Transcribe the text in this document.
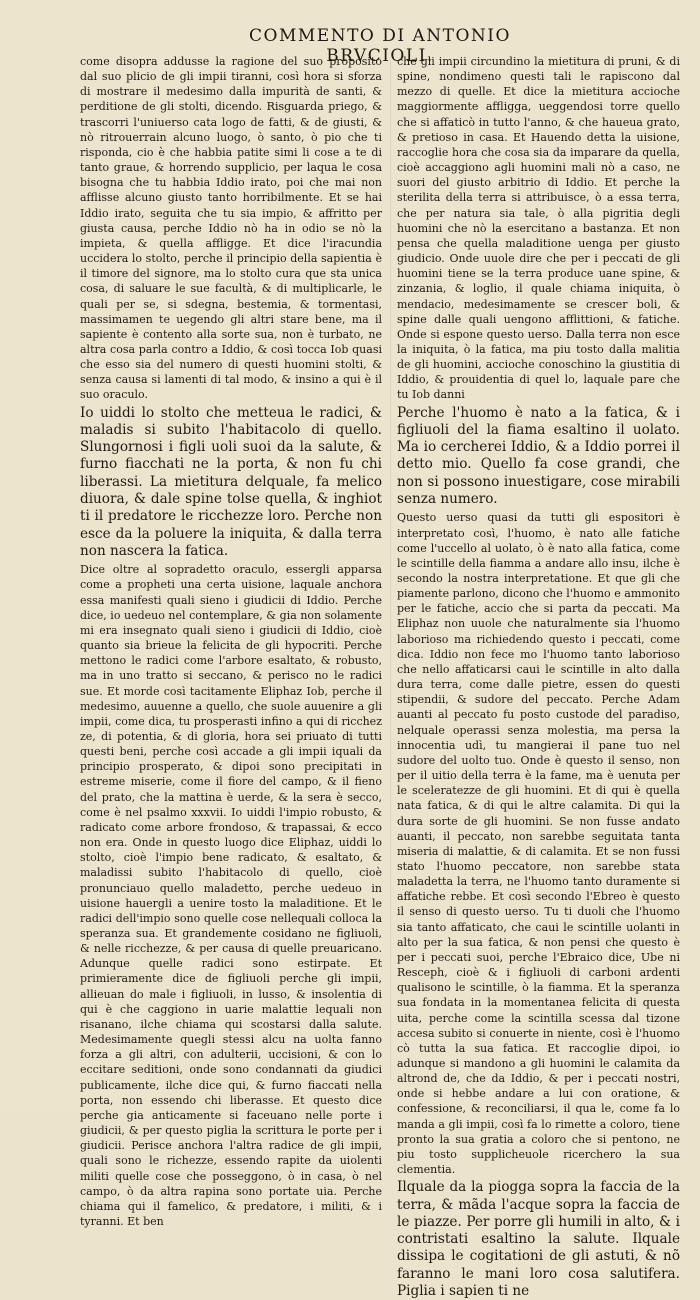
COMMENTO DI ANTONIO BRVCIOLI.

come disopra addusse la ragione del suo proposito dal suo plicio de gli impii tiranni, così hora si sforza di mostrare il medesimo dalla impurità de santi, & perditione de gli stolti, dicendo. Risguarda priego, & trascorri l'uniuerso cata logo de fatti, & de giusti, & nò ritrouerrain alcuno luogo, ò santo, ò pio che ti risponda, cio è che habbia patite simi li cose a te di tanto graue, & horrendo supplicio, per laqua le cosa bisogna che tu habbia Iddio irato, poi che mai non afflisse alcuno giusto tanto horribilmente. Et se hai Iddio irato, seguita che tu sia impio, & affritto per giusta causa, perche Iddio nò ha in odio se nò la impieta, & quella affligge. Et dice l'iracundia uccidera lo stolto, perche il principio della sapientia è il timore del signore, ma lo stolto cura que sta unica cosa, di saluare le sue facultà, & di multiplicarle, le quali per se, si sdegna, bestemia, & tormentasi, massimamen te uegendo gli altri stare bene, ma il sapiente è contento alla sorte sua, non è turbato, ne altra cosa parla contro a Iddio, & così tocca Iob quasi che esso sia del numero di questi huomini stolti, & senza causa si lamenti di tal modo, & insino a qui è il suo oraculo.

Io uiddi lo stolto che metteua le radici, & maladis si subito l'habitacolo di quello. Slungornosi i figli uoli suoi da la salute, & furno fiacchati ne la porta, & non fu chi liberassi. La mietitura delquale, fa melico diuora, & dale spine tolse quella, & inghiot ti il predatore le ricchezze loro. Perche non esce da la poluere la iniquita, & dalla terra non nascera la fatica.

Dice oltre al sopradetto oraculo, essergli apparsa come a propheti una certa uisione, laquale anchora essa manifesti quali sieno i giudicii di Iddio. Perche dice, io uedeuo nel contemplare, & gia non solamente mi era insegnato quali sieno i giudicii di Iddio, cioè quanto sia brieue la felicita de gli hypocriti. Perche mettono le radici come l'arbore esaltato, & robusto, ma in uno tratto si seccano, & perisco no le radici sue. Et morde così tacitamente Eliphaz Iob, perche il medesimo, auuenne a quello, che suole auuenire a gli impii, come dica, tu prosperasti infino a qui di ricchez ze, di potentia, & di gloria, hora sei priuato di tutti questi beni, perche così accade a gli impii iquali da principio prosperato, & dipoi sono precipitati in estreme miserie, come il fiore del campo, & il fieno del prato, che la mattina è uerde, & la sera è secco, come è nel psalmo xxxvii. Io uiddi l'impio robusto, & radicato come arbore frondoso, & trapassai, & ecco non era. Onde in questo luogo dice Eliphaz, uiddi lo stolto, cioè l'impio bene radicato, & esaltato, & maladissi subito l'habitacolo di quello, cioè pronunciauo quello maladetto, perche uedeuo in uisione hauergli a uenire tosto la maladitione. Et le radici dell'impio sono quelle cose nellequali colloca la speranza sua. Et grandemente cosidano ne figliuoli, & nelle ricchezze, & per causa di quelle preuaricano. Adunque quelle radici sono estirpate. Et primieramente dice de figliuoli perche gli impii, allieuan do male i figliuoli, in lusso, & insolentia di qui è che caggiono in uarie malattie lequali non risanano, ilche chiama qui scostarsi dalla salute. Medesimamente quegli stessi alcu na uolta fanno forza a gli altri, con adulterii, uccisioni, & con lo eccitare seditioni, onde sono condannati da giudici publicamente, ilche dice qui, & furno fiaccati nella porta, non essendo chi liberasse. Et questo dice perche gia anticamente si faceuano nelle porte i giudicii, & per questo piglia la scrittura le porte per i giudicii. Perisce anchora l'altra radice de gli impii, quali sono le richezze, essendo rapite da uiolenti militi quelle cose che posseggono, ò in casa, ò nel campo, ò da altra rapina sono portate uia. Perche chiama qui il famelico, & predatore, i militi, & i tyranni. Et ben

che gli impii circundino la mietitura di pruni, & di spine, nondimeno questi tali le rapiscono dal mezzo di quelle. Et dice la mietitura accioche maggiormente affligga, ueggendosi torre quello che si affaticò in tutto l'anno, & che haueua grato, & pretioso in casa. Et Hauendo detta la uisione, raccoglie hora che cosa sia da imparare da quella, cioè accaggiono agli huomini mali nò a caso, ne suori del giusto arbitrio di Iddio. Et perche la sterilita della terra si attribuisce, ò a essa terra, che per natura sia tale, ò alla pigritia degli huomini che nò la esercitano a bastanza. Et non pensa che quella maladitione uenga per giusto giudicio. Onde uuole dire che per i peccati de gli huomini tiene se la terra produce uane spine, & zinzania, & loglio, il quale chiama iniquita, ò mendacio, medesimamente se crescer boli, & spine dalle quali uengono afflittioni, & fatiche. Onde si espone questo uerso. Dalla terra non esce la iniquita, ò la fatica, ma piu tosto dalla malitia de gli huomini, accioche conoschino la giustitia di Iddio, & prouidentia di quel lo, laquale pare che tu Iob danni

Perche l'huomo è nato a la fatica, & i figliuoli del la fiama esaltino il uolato. Ma io cercherei Iddio, & a Iddio porrei il detto mio. Quello fa cose grandi, che non si possono inuestigare, cose mirabili senza numero.

Questo uerso quasi da tutti gli espositori è interpretato così, l'huomo, è nato alle fatiche come l'uccello al uolato, ò è nato alla fatica, come le scintille della fiamma a andare allo insu, ilche è secondo la nostra interpretatione. Et que gli che piamente parlono, dicono che l'huomo e ammonito per le fatiche, accio che si parta da peccati. Ma Eliphaz non uuole che naturalmente sia l'huomo laborioso ma richiedendo questo i peccati, come dica. Iddio non fece mo l'huomo tanto laborioso che nello affaticarsi caui le scintille in alto dalla dura terra, come dalle pietre, essen do questi stipendii, & sudore del peccato. Perche Adam auanti al peccato fu posto custode del paradiso, nelquale operassi senza molestia, ma persa la innocentia udì, tu mangierai il pane tuo nel sudore del uolto tuo. Onde è questo il senso, non per il uitio della terra è la fame, ma è uenuta per le sceleratezze de gli huomini. Et di qui è quella nata fatica, & di qui le altre calamita. Di qui la dura sorte de gli huomini. Se non fusse andato auanti, il peccato, non sarebbe seguitata tanta miseria di malattie, & di calamita. Et se non fussi stato l'huomo peccatore, non sarebbe stata maladetta la terra, ne l'huomo tanto duramente si affatiche rebbe. Et così secondo l'Ebreo è questo il senso di questo uerso. Tu ti duoli che l'huomo sia tanto affaticato, che caui le scintille uolanti in alto per la sua fatica, & non pensi che questo è per i peccati suoi, perche l'Ebraico dice, Ube ni Resceph, cioè & i figliuoli di carboni ardenti qualisono le scintille, ò la fiamma. Et la speranza sua fondata in la momentanea felicita di questa uita, perche come la scintilla scessa dal tizone accesa subito si conuerte in niente, così è l'huomo cò tutta la sua fatica. Et raccoglie dipoi, io adunque si mandono a gli huomini le calamita da altrond de, che da Iddio, & per i peccati nostri, onde si hebbe andare a lui con oratione, & confessione, & reconciliarsi, il qua le, come fa lo manda a gli impii, così fa lo rimette a coloro, tiene pronto la sua gratia a coloro che si pentono, ne piu tosto supplicheuole ricerchero la sua clementia.

Ilquale da la piogga sopra la faccia de la terra, & mãda l'acque sopra la faccia de le piazze. Per porre gli humili in alto, & i contristati esaltino la salute. Ilquale dissipa le cogitationi de gli astuti, & nõ faranno le mani loro cosa salutifera. Piglia i sapien ti ne
